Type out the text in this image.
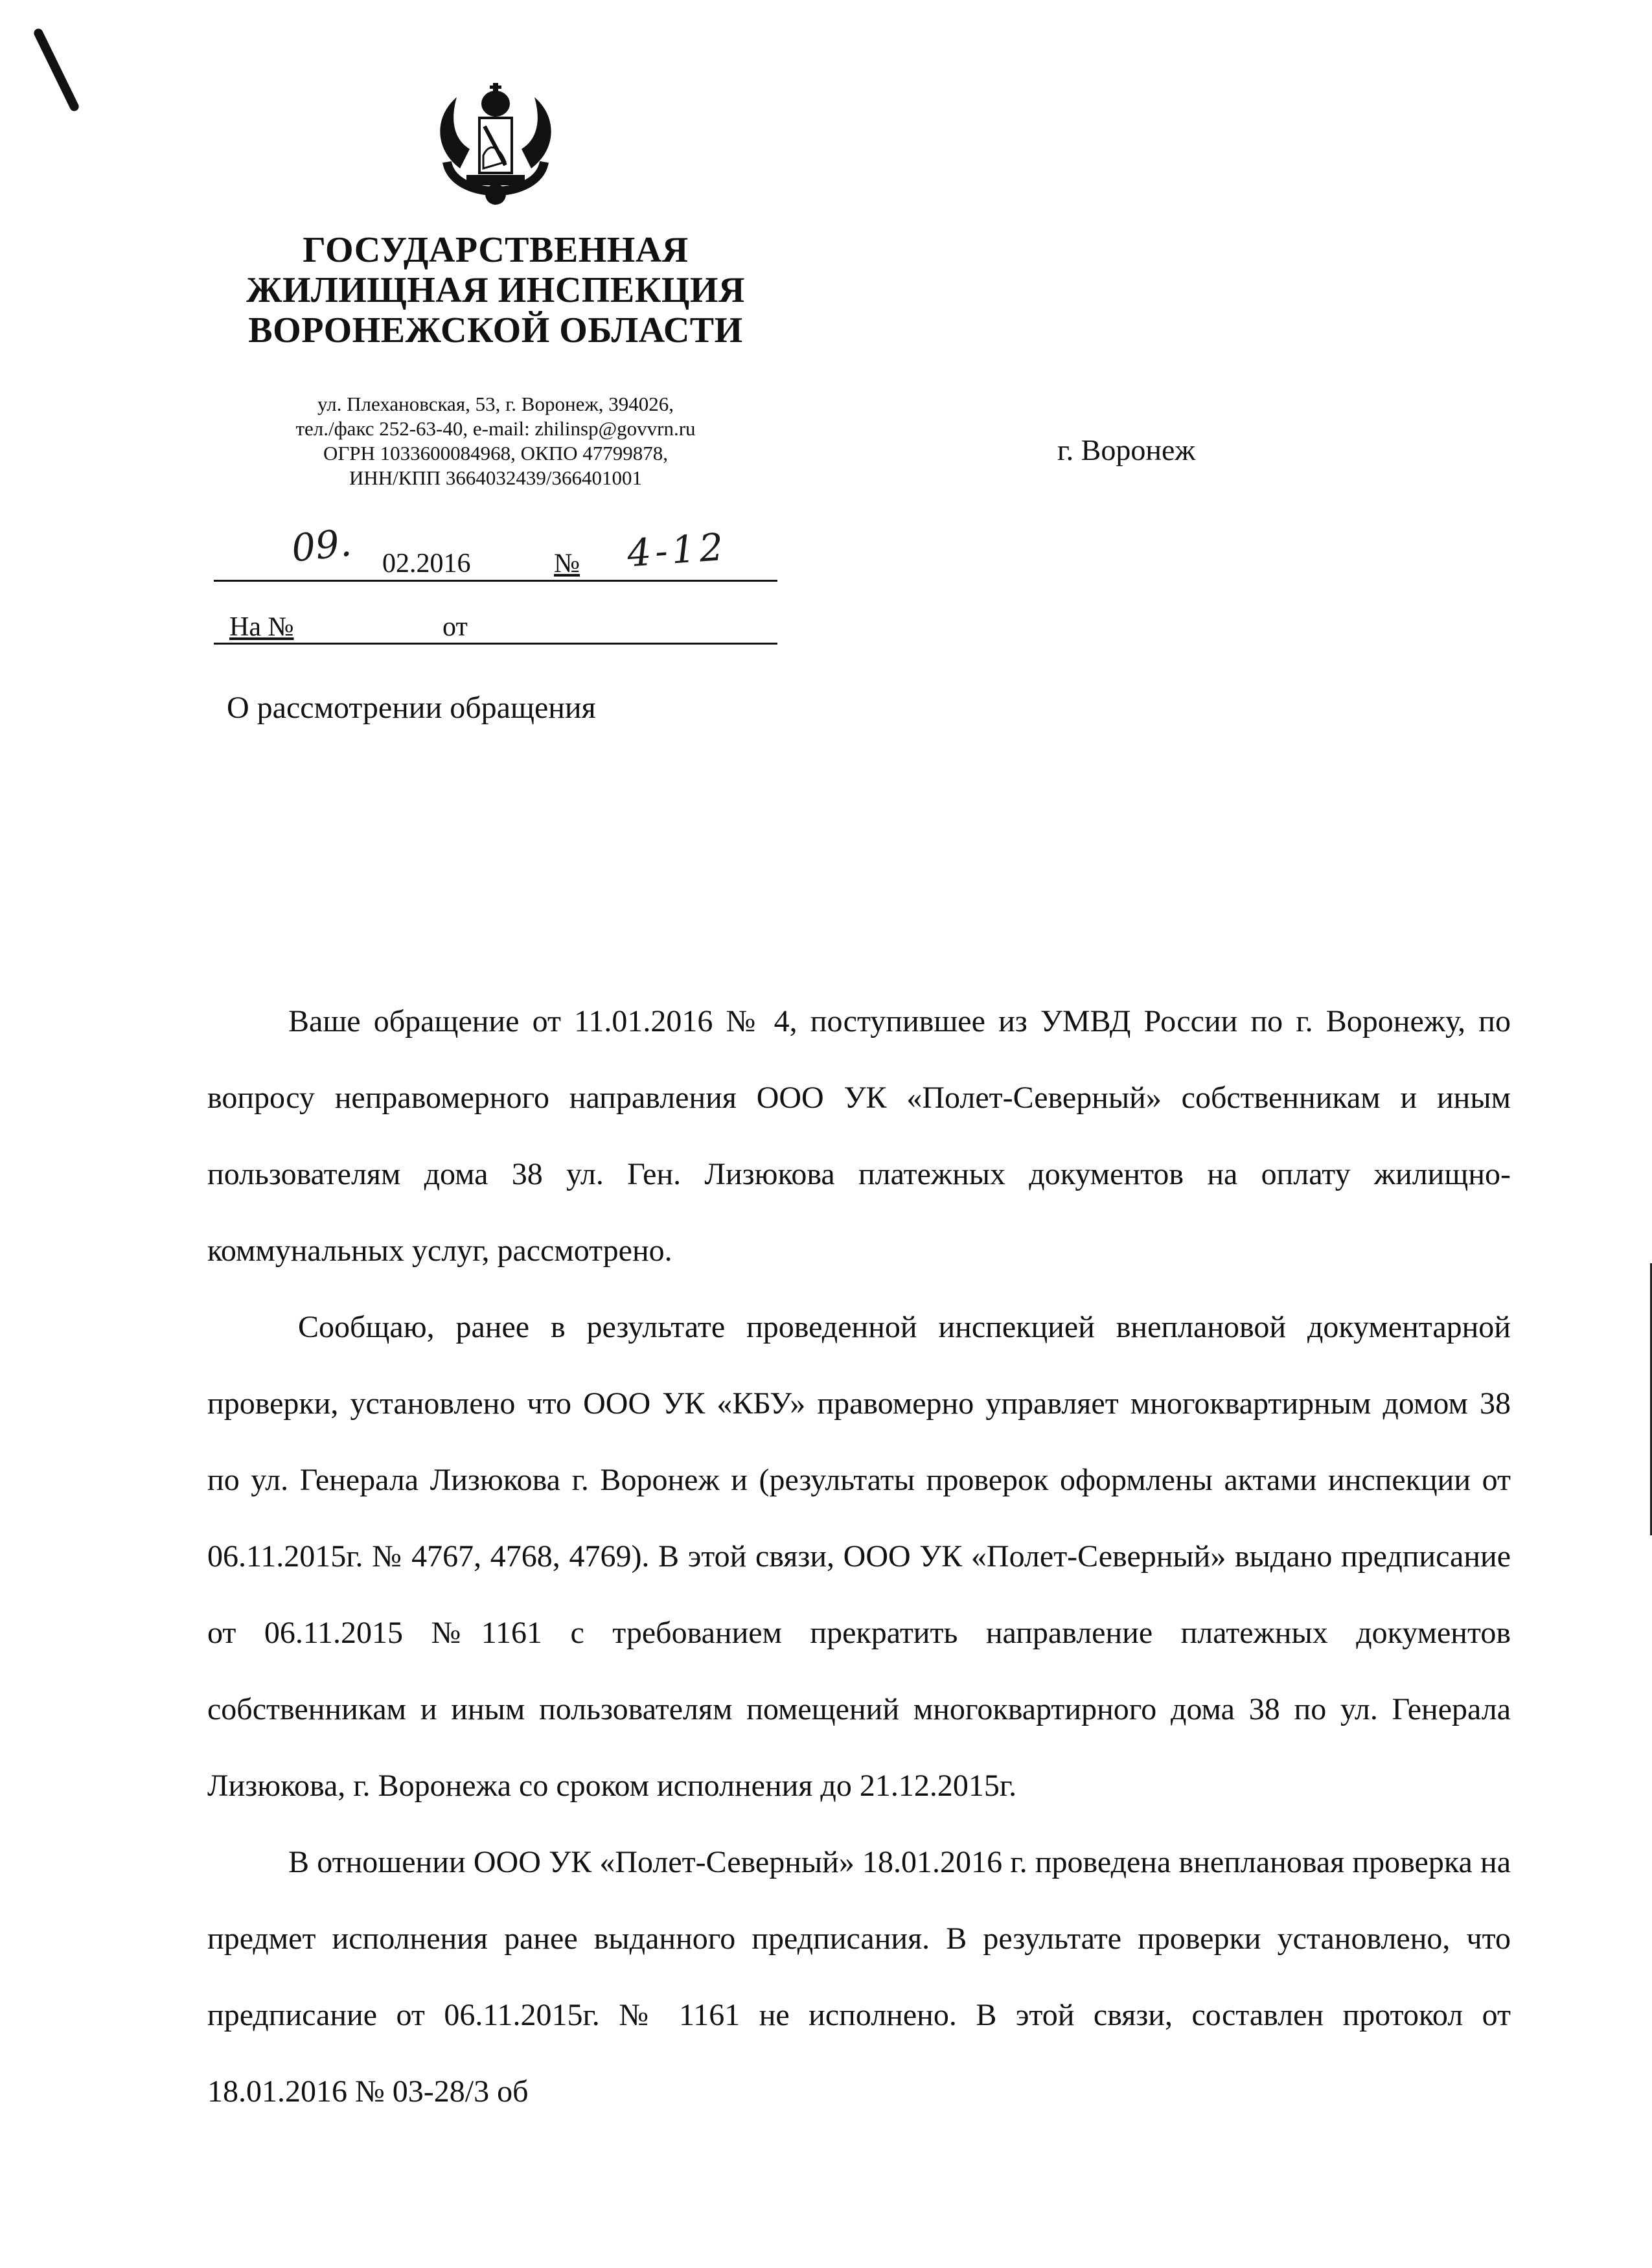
ГОСУДАРСТВЕННАЯ
ЖИЛИЩНАЯ ИНСПЕКЦИЯ
ВОРОНЕЖСКОЙ ОБЛАСТИ
ул. Плехановская, 53, г. Воронеж, 394026,
тел./факс 252-63-40, e-mail: zhilinsp@govvrn.ru
ОГРН 1033600084968, ОКПО 47799878,
ИНН/КПП 3664032439/366401001
г. Воронеж
09. 02.2016	№ 4-12
На №	от
О рассмотрении обращения

Ваше обращение от 11.01.2016 № 4, поступившее из УМВД России по г. Воронежу, по вопросу неправомерного направления ООО УК «Полет-Северный» собственникам и иным пользователям дома 38 ул. Ген. Лизюкова платежных документов на оплату жилищно-коммунальных услуг, рассмотрено.

Сообщаю, ранее в результате проведенной инспекцией внеплановой документарной проверки, установлено что ООО УК «КБУ» правомерно управляет многоквартирным домом 38 по ул. Генерала Лизюкова г. Воронеж и (результаты проверок оформлены актами инспекции от 06.11.2015г. № 4767, 4768, 4769). В этой связи, ООО УК «Полет-Северный» выдано предписание от 06.11.2015 №1161 с требованием прекратить направление платежных документов собственникам и иным пользователям помещений многоквартирного дома 38 по ул. Генерала Лизюкова, г. Воронежа со сроком исполнения до 21.12.2015г.

В отношении ООО УК «Полет-Северный» 18.01.2016 г. проведена внеплановая проверка на предмет исполнения ранее выданного предписания. В результате проверки установлено, что предписание от 06.11.2015г. № 1161 не исполнено. В этой связи, составлен протокол от 18.01.2016 № 03-28/3 об
